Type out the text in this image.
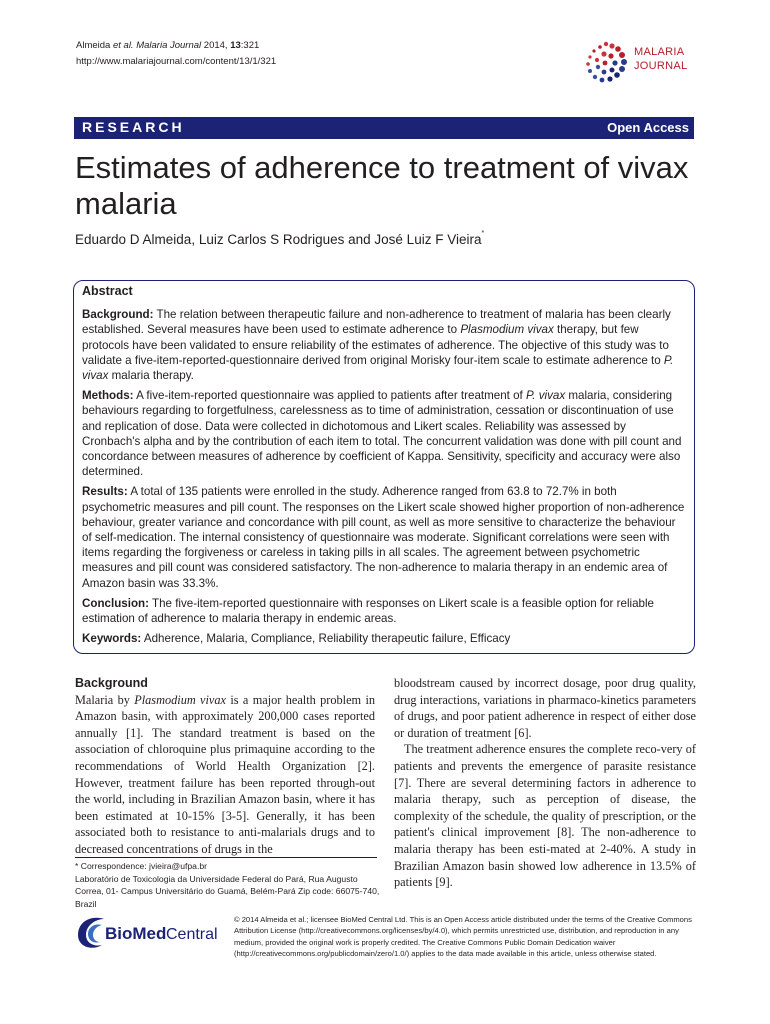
Almeida et al. Malaria Journal 2014, 13:321
http://www.malariajournal.com/content/13/1/321
MALARIA
JOURNAL
RESEARCH	Open Access
Estimates of adherence to treatment of vivax malaria
Eduardo D Almeida, Luiz Carlos S Rodrigues and José Luiz F Vieira*
Abstract

Background: The relation between therapeutic failure and non-adherence to treatment of malaria has been clearly established. Several measures have been used to estimate adherence to Plasmodium vivax therapy, but few protocols have been validated to ensure reliability of the estimates of adherence. The objective of this study was to validate a five-item-reported-questionnaire derived from original Morisky four-item scale to estimate adherence to P. vivax malaria therapy.

Methods: A five-item-reported questionnaire was applied to patients after treatment of P. vivax malaria, considering behaviours regarding to forgetfulness, carelessness as to time of administration, cessation or discontinuation of use and replication of dose. Data were collected in dichotomous and Likert scales. Reliability was assessed by Cronbach's alpha and by the contribution of each item to total. The concurrent validation was done with pill count and concordance between measures of adherence by coefficient of Kappa. Sensitivity, specificity and accuracy were also determined.

Results: A total of 135 patients were enrolled in the study. Adherence ranged from 63.8 to 72.7% in both psychometric measures and pill count. The responses on the Likert scale showed higher proportion of non-adherence behaviour, greater variance and concordance with pill count, as well as more sensitive to characterize the behaviour of self-medication. The internal consistency of questionnaire was moderate. Significant correlations were seen with items regarding the forgiveness or careless in taking pills in all scales. The agreement between psychometric measures and pill count was considered satisfactory. The non-adherence to malaria therapy in an endemic area of Amazon basin was 33.3%.

Conclusion: The five-item-reported questionnaire with responses on Likert scale is a feasible option for reliable estimation of adherence to malaria therapy in endemic areas.

Keywords: Adherence, Malaria, Compliance, Reliability therapeutic failure, Efficacy

Background

Malaria by Plasmodium vivax is a major health problem in Amazon basin, with approximately 200,000 cases reported annually [1]. The standard treatment is based on the association of chloroquine plus primaquine according to the recommendations of World Health Organization [2]. However, treatment failure has been reported through-out the world, including in Brazilian Amazon basin, where it has been estimated at 10-15% [3-5]. Generally, it has been associated both to resistance to anti-malarials drugs and to decreased concentrations of drugs in the

bloodstream caused by incorrect dosage, poor drug quality, drug interactions, variations in pharmaco-kinetics parameters of drugs, and poor patient adherence in respect of either dose or duration of treatment [6].

The treatment adherence ensures the complete reco-very of patients and prevents the emergence of parasite resistance [7]. There are several determining factors in adherence to malaria therapy, such as perception of disease, the complexity of the schedule, the quality of prescription, or the patient's clinical improvement [8]. The non-adherence to malaria therapy has been esti-mated at 2-40%. A study in Brazilian Amazon basin showed low adherence in 13.5% of patients [9].

* Correspondence: jvieira@ufpa.br
Laboratório de Toxicologia da Universidade Federal do Pará, Rua Augusto Correa, 01- Campus Universitário do Guamá, Belém-Pará Zip code: 66075-740, Brazil
BioMed Central
© 2014 Almeida et al.; licensee BioMed Central Ltd. This is an Open Access article distributed under the terms of the Creative Commons Attribution License (http://creativecommons.org/licenses/by/4.0), which permits unrestricted use, distribution, and reproduction in any medium, provided the original work is properly credited. The Creative Commons Public Domain Dedication waiver (http://creativecommons.org/publicdomain/zero/1.0/) applies to the data made available in this article, unless otherwise stated.
